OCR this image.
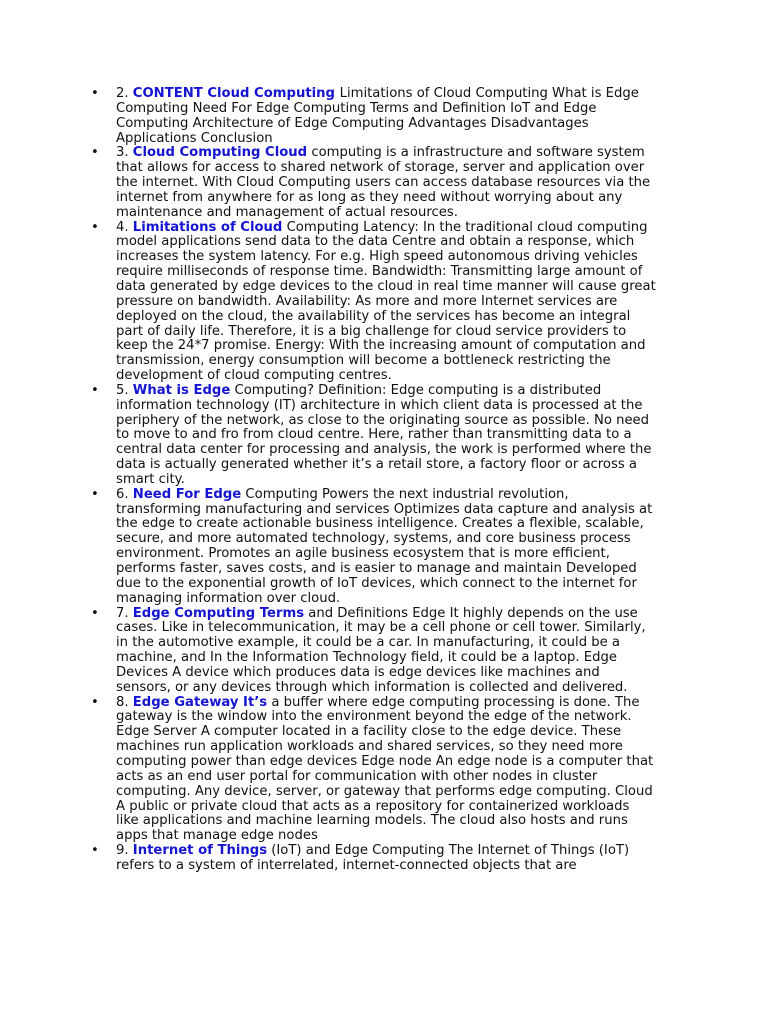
• 2. CONTENT Cloud Computing Limitations of Cloud Computing What is Edge Computing Need For Edge Computing Terms and Definition IoT and Edge Computing Architecture of Edge Computing Advantages Disadvantages Applications Conclusion
• 3. Cloud Computing Cloud computing is a infrastructure and software system that allows for access to shared network of storage, server and application over the internet. With Cloud Computing users can access database resources via the internet from anywhere for as long as they need without worrying about any maintenance and management of actual resources.
• 4. Limitations of Cloud Computing Latency: In the traditional cloud computing model applications send data to the data Centre and obtain a response, which increases the system latency. For e.g. High speed autonomous driving vehicles require milliseconds of response time. Bandwidth: Transmitting large amount of data generated by edge devices to the cloud in real time manner will cause great pressure on bandwidth. Availability: As more and more Internet services are deployed on the cloud, the availability of the services has become an integral part of daily life. Therefore, it is a big challenge for cloud service providers to keep the 24*7 promise. Energy: With the increasing amount of computation and transmission, energy consumption will become a bottleneck restricting the development of cloud computing centres.
• 5. What is Edge Computing? Definition: Edge computing is a distributed information technology (IT) architecture in which client data is processed at the periphery of the network, as close to the originating source as possible. No need to move to and fro from cloud centre. Here, rather than transmitting data to a central data center for processing and analysis, the work is performed where the data is actually generated whether it’s a retail store, a factory floor or across a smart city.
• 6. Need For Edge Computing Powers the next industrial revolution, transforming manufacturing and services Optimizes data capture and analysis at the edge to create actionable business intelligence. Creates a flexible, scalable, secure, and more automated technology, systems, and core business process environment. Promotes an agile business ecosystem that is more efficient, performs faster, saves costs, and is easier to manage and maintain Developed due to the exponential growth of IoT devices, which connect to the internet for managing information over cloud.
• 7. Edge Computing Terms and Definitions Edge It highly depends on the use cases. Like in telecommunication, it may be a cell phone or cell tower. Similarly, in the automotive example, it could be a car. In manufacturing, it could be a machine, and In the Information Technology field, it could be a laptop. Edge Devices A device which produces data is edge devices like machines and sensors, or any devices through which information is collected and delivered.
• 8. Edge Gateway It’s a buffer where edge computing processing is done. The gateway is the window into the environment beyond the edge of the network. Edge Server A computer located in a facility close to the edge device. These machines run application workloads and shared services, so they need more computing power than edge devices Edge node An edge node is a computer that acts as an end user portal for communication with other nodes in cluster computing. Any device, server, or gateway that performs edge computing. Cloud A public or private cloud that acts as a repository for containerized workloads like applications and machine learning models. The cloud also hosts and runs apps that manage edge nodes
• 9. Internet of Things (IoT) and Edge Computing The Internet of Things (IoT) refers to a system of interrelated, internet-connected objects that are
